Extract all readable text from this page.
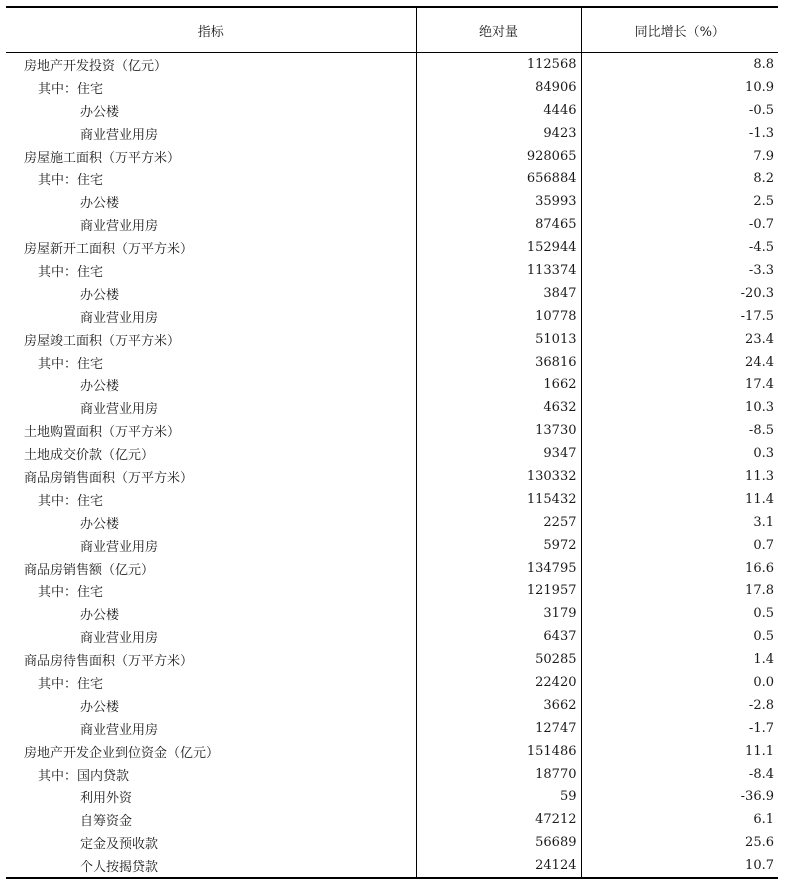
指标	绝对量	同比增长（%）
房地产开发投资（亿元）	112568	8.8
其中：住宅	84906	10.9
办公楼	4446	-0.5
商业营业用房	9423	-1.3
房屋施工面积（万平方米）	928065	7.9
其中：住宅	656884	8.2
办公楼	35993	2.5
商业营业用房	87465	-0.7
房屋新开工面积（万平方米）	152944	-4.5
其中：住宅	113374	-3.3
办公楼	3847	-20.3
商业营业用房	10778	-17.5
房屋竣工面积（万平方米）	51013	23.4
其中：住宅	36816	24.4
办公楼	1662	17.4
商业营业用房	4632	10.3
土地购置面积（万平方米）	13730	-8.5
土地成交价款（亿元）	9347	0.3
商品房销售面积（万平方米）	130332	11.3
其中：住宅	115432	11.4
办公楼	2257	3.1
商业营业用房	5972	0.7
商品房销售额（亿元）	134795	16.6
其中：住宅	121957	17.8
办公楼	3179	0.5
商业营业用房	6437	0.5
商品房待售面积（万平方米）	50285	1.4
其中：住宅	22420	0.0
办公楼	3662	-2.8
商业营业用房	12747	-1.7
房地产开发企业到位资金（亿元）	151486	11.1
其中：国内贷款	18770	-8.4
利用外资	59	-36.9
自筹资金	47212	6.1
定金及预收款	56689	25.6
个人按揭贷款	24124	10.7
